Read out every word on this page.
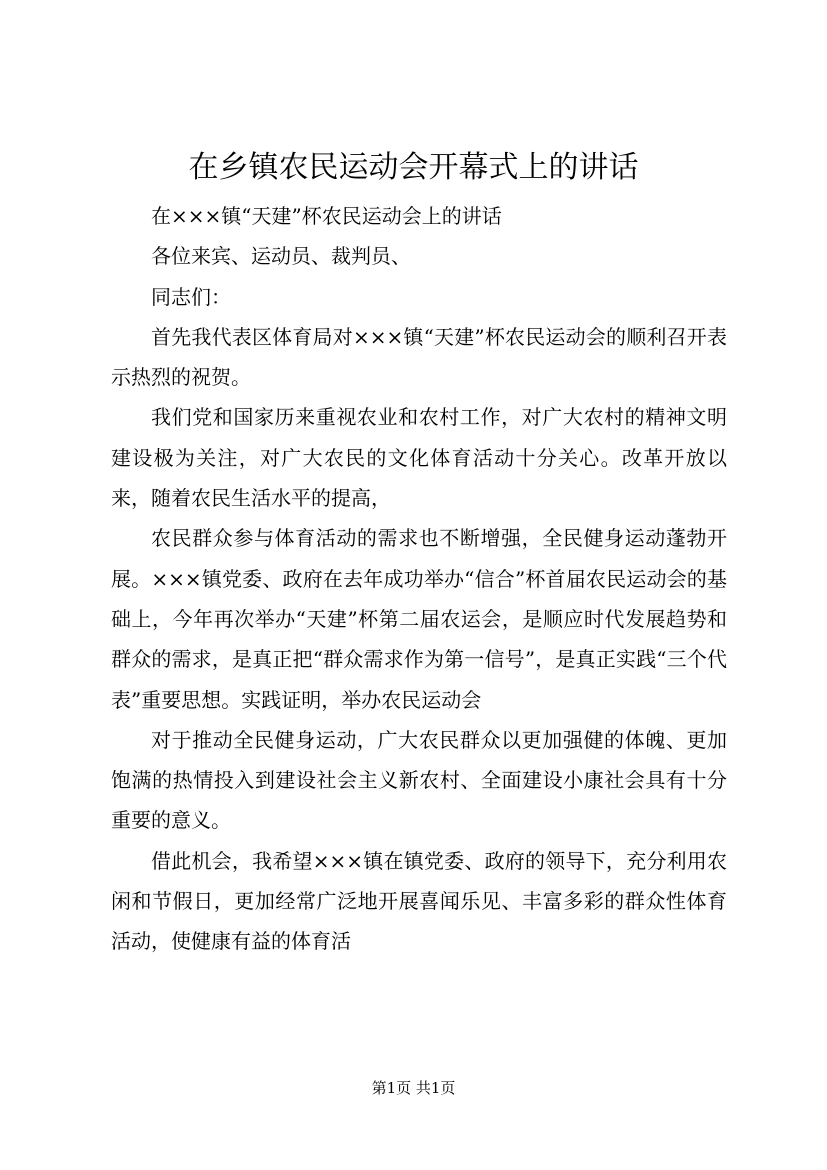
在乡镇农民运动会开幕式上的讲话

在×××镇“天建”杯农民运动会上的讲话

各位来宾、运动员、裁判员、

同志们：

首先我代表区体育局对×××镇“天建”杯农民运动会的顺利召开表示热烈的祝贺。

我们党和国家历来重视农业和农村工作，对广大农村的精神文明建设极为关注，对广大农民的文化体育活动十分关心。改革开放以来，随着农民生活水平的提高，

农民群众参与体育活动的需求也不断增强，全民健身运动蓬勃开展。×××镇党委、政府在去年成功举办“信合”杯首届农民运动会的基础上，今年再次举办“天建”杯第二届农运会，是顺应时代发展趋势和群众的需求，是真正把“群众需求作为第一信号”，是真正实践“三个代表”重要思想。实践证明，举办农民运动会

对于推动全民健身运动，广大农民群众以更加强健的体魄、更加饱满的热情投入到建设社会主义新农村、全面建设小康社会具有十分重要的意义。

借此机会，我希望×××镇在镇党委、政府的领导下，充分利用农闲和节假日，更加经常广泛地开展喜闻乐见、丰富多彩的群众性体育活动，使健康有益的体育活

第1页 共1页
